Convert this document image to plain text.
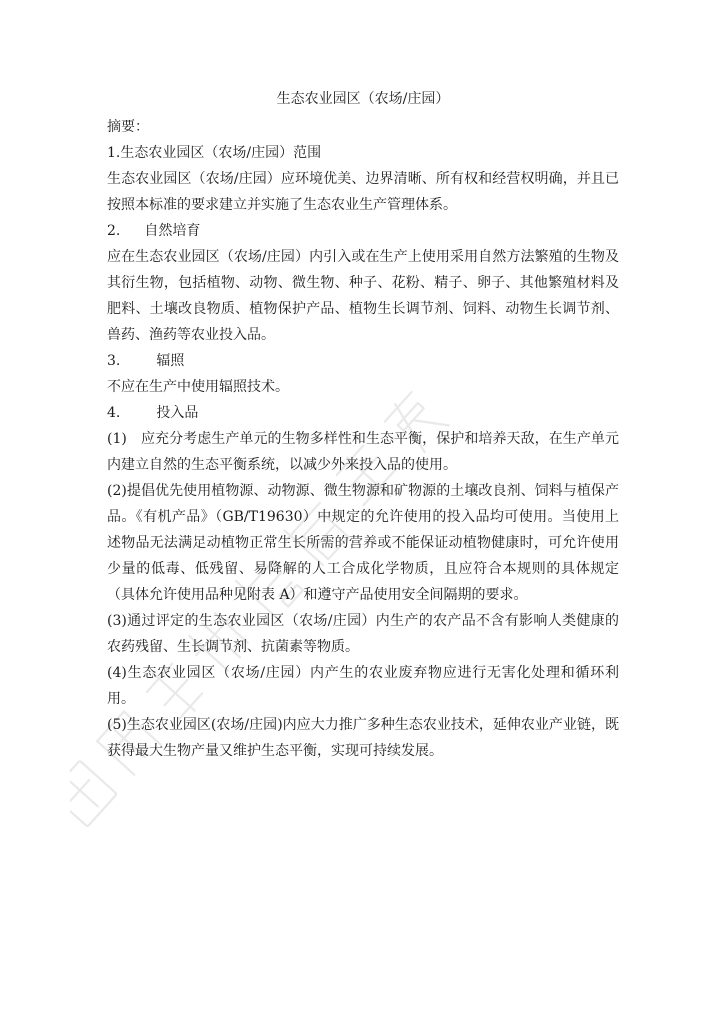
生态农业园区（农场/庄园）
摘要：
1.生态农业园区（农场/庄园）范围
生态农业园区（农场/庄园）应环境优美、边界清晰、所有权和经营权明确，并且已按照本标准的要求建立并实施了生态农业生产管理体系。
2. 自然培育
应在生态农业园区（农场/庄园）内引入或在生产上使用采用自然方法繁殖的生物及其衍生物，包括植物、动物、微生物、种子、花粉、精子、卵子、其他繁殖材料及肥料、土壤改良物质、植物保护产品、植物生长调节剂、饲料、动物生长调节剂、兽药、渔药等农业投入品。
3.	辐照
不应在生产中使用辐照技术。
4.	投入品
(1)　应充分考虑生产单元的生物多样性和生态平衡，保护和培养天敌，在生产单元内建立自然的生态平衡系统，以减少外来投入品的使用。
(2)提倡优先使用植物源、动物源、微生物源和矿物源的土壤改良剂、饲料与植保产品。《有机产品》（GB/T19630）中规定的允许使用的投入品均可使用。当使用上述物品无法满足动植物正常生长所需的营养或不能保证动植物健康时，可允许使用少量的低毒、低残留、易降解的人工合成化学物质，且应符合本规则的具体规定（具体允许使用品种见附表 A）和遵守产品使用安全间隔期的要求。
(3)通过评定的生态农业园区（农场/庄园）内生产的农产品不含有影响人类健康的农药残留、生长调节剂、抗菌素等物质。
(4)生态农业园区（农场/庄园）内产生的农业废弃物应进行无害化处理和循环利用。
(5)生态农业园区(农场/庄园)内应大力推广多种生态农业技术，延伸农业产业链，既获得最大生物产量又维护生态平衡，实现可持续发展。
